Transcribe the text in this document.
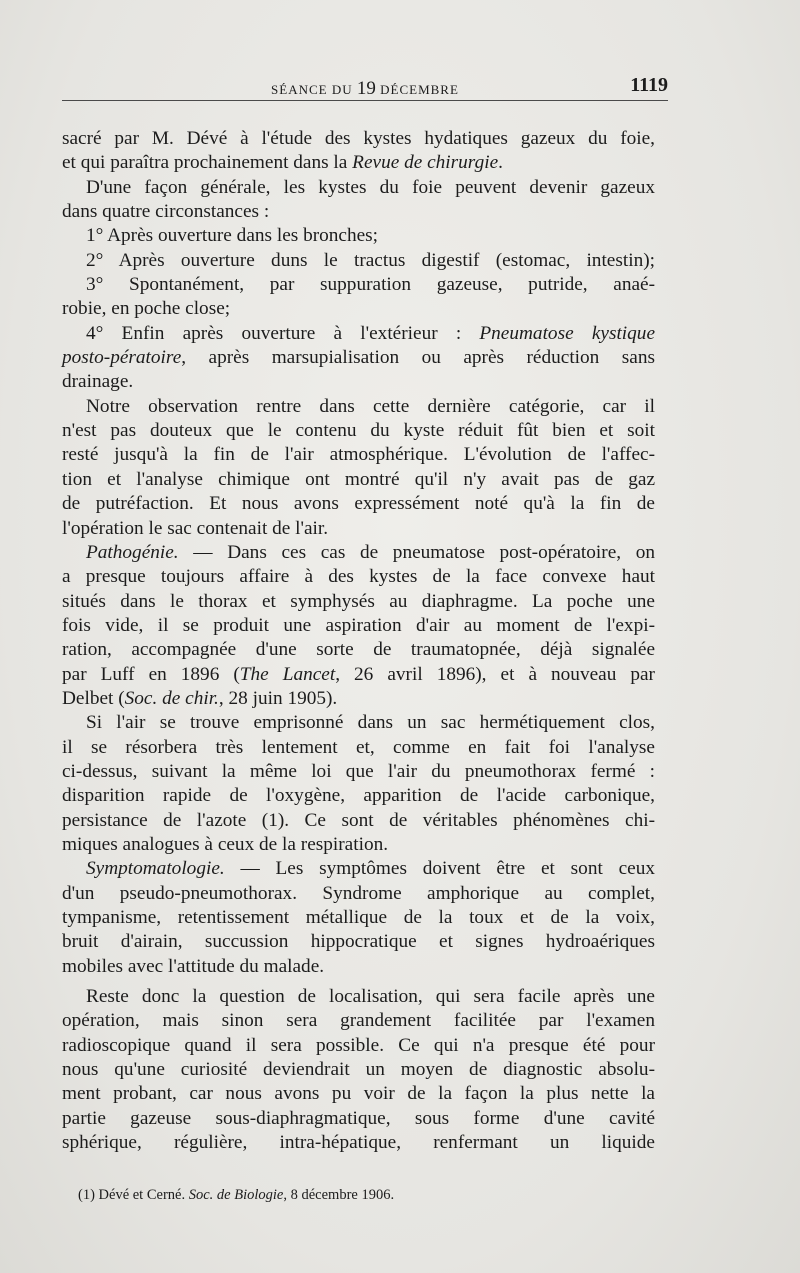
SÉANCE DU 19 DÉCEMBRE	1119

sacré par M. Dévé à l'étude des kystes hydatiques gazeux du foie,
et qui paraîtra prochainement dans la Revue de chirurgie.

D'une façon générale, les kystes du foie peuvent devenir gazeux
dans quatre circonstances :

1° Après ouverture dans les bronches;

2° Après ouverture duns le tractus digestif (estomac, intestin);

3° Spontanément, par suppuration gazeuse, putride, anaé-
robie, en poche close;

4° Enfin après ouverture à l'extérieur : Pneumatose kystique
posto-pératoire, après marsupialisation ou après réduction sans
drainage.

Notre observation rentre dans cette dernière catégorie, car il
n'est pas douteux que le contenu du kyste réduit fût bien et soit
resté jusqu'à la fin de l'air atmosphérique. L'évolution de l'affec-
tion et l'analyse chimique ont montré qu'il n'y avait pas de gaz
de putréfaction. Et nous avons expressément noté qu'à la fin de
l'opération le sac contenait de l'air.

Pathogénie. — Dans ces cas de pneumatose post-opératoire, on
a presque toujours affaire à des kystes de la face convexe haut
situés dans le thorax et symphysés au diaphragme. La poche une
fois vide, il se produit une aspiration d'air au moment de l'expi-
ration, accompagnée d'une sorte de traumatopnée, déjà signalée
par Luff en 1896 (The Lancet, 26 avril 1896), et à nouveau par
Delbet (Soc. de chir., 28 juin 1905).

Si l'air se trouve emprisonné dans un sac hermétiquement clos,
il se résorbera très lentement et, comme en fait foi l'analyse
ci-dessus, suivant la même loi que l'air du pneumothorax fermé :
disparition rapide de l'oxygène, apparition de l'acide carbonique,
persistance de l'azote (1). Ce sont de véritables phénomènes chi-
miques analogues à ceux de la respiration.

Symptomatologie. — Les symptômes doivent être et sont ceux
d'un pseudo-pneumothorax. Syndrome amphorique au complet,
tympanisme, retentissement métallique de la toux et de la voix,
bruit d'airain, succussion hippocratique et signes hydroaériques
mobiles avec l'attitude du malade.

Reste donc la question de localisation, qui sera facile après une
opération, mais sinon sera grandement facilitée par l'examen
radioscopique quand il sera possible. Ce qui n'a presque été pour
nous qu'une curiosité deviendrait un moyen de diagnostic absolu-
ment probant, car nous avons pu voir de la façon la plus nette la
partie gazeuse sous-diaphragmatique, sous forme d'une cavité
sphérique, régulière, intra-hépatique, renfermant un liquide

(1) Dévé et Cerné. Soc. de Biologie, 8 décembre 1906.
